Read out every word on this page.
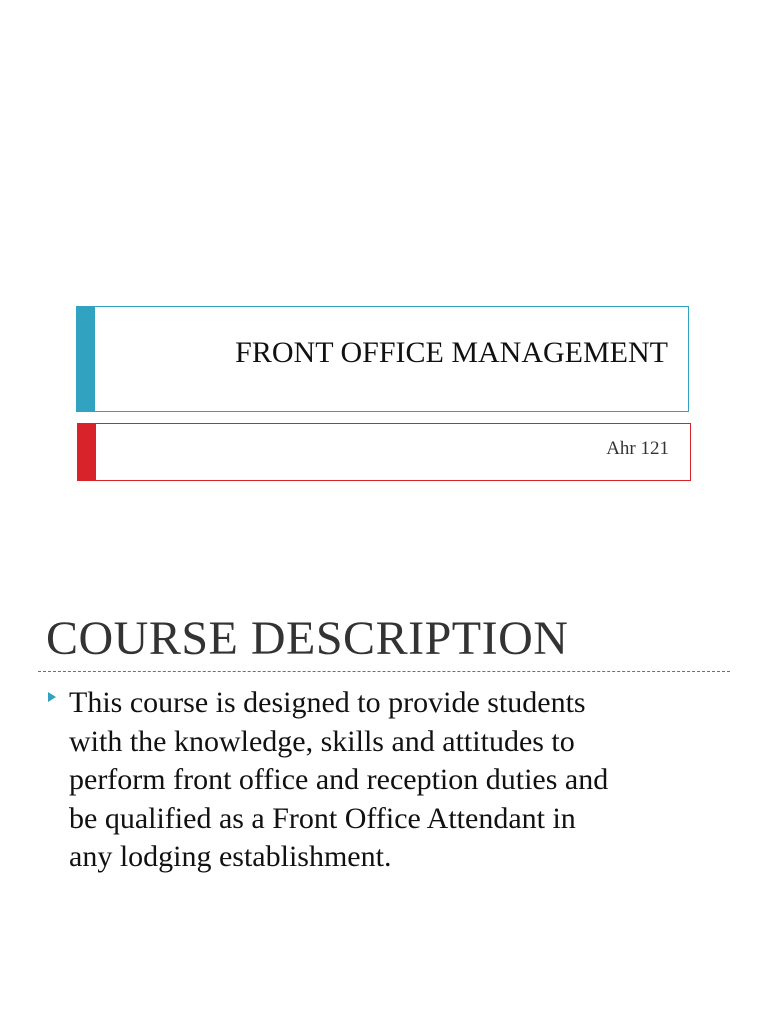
FRONT OFFICE MANAGEMENT
Ahr 121
COURSE DESCRIPTION
This course is designed to provide students
with the knowledge, skills and attitudes to
perform front office and reception duties and
be qualified as a Front Office Attendant in
any lodging establishment.
